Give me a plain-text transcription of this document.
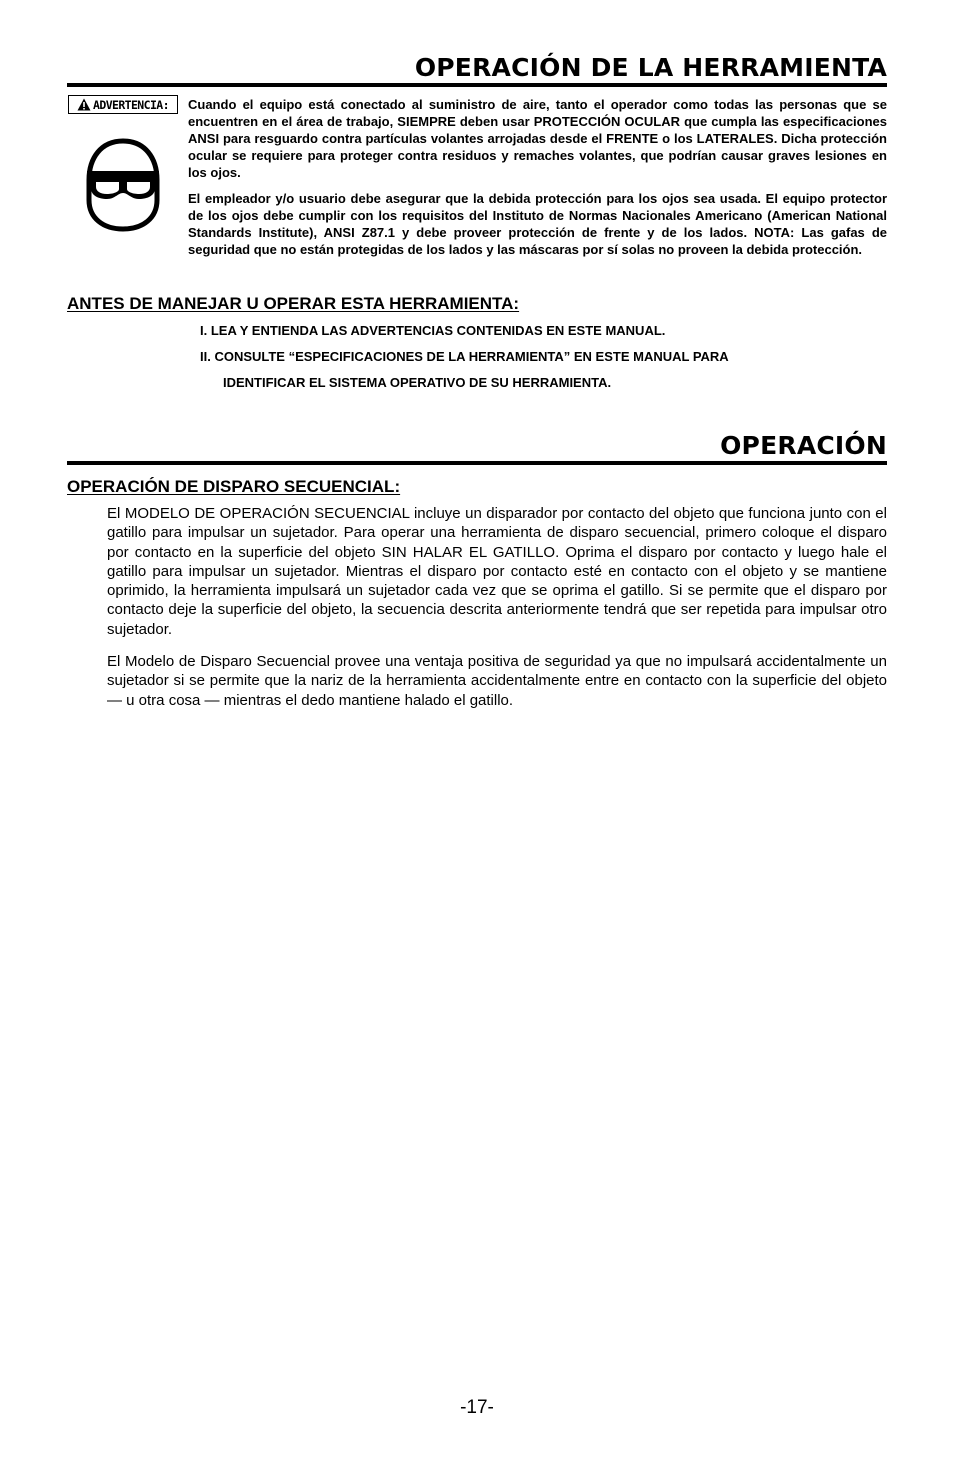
OPERACIÓN DE LA HERRAMIENTA
ADVERTENCIA: Cuando el equipo está conectado al suministro de aire, tanto el operador como todas las personas que se encuentren en el área de trabajo, SIEMPRE deben usar PROTECCIÓN OCULAR que cumpla las especificaciones ANSI para resguardo contra partículas volantes arrojadas desde el FRENTE o los LATERALES. Dicha protección ocular se requiere para proteger contra residuos y remaches volantes, que podrían causar graves lesiones en los ojos.
El empleador y/o usuario debe asegurar que la debida protección para los ojos sea usada. El equipo protector de los ojos debe cumplir con los requisitos del Instituto de Normas Nacionales Americano (American National Standards Institute), ANSI Z87.1 y debe proveer protección de frente y de los lados. NOTA: Las gafas de seguridad que no están protegidas de los lados y las máscaras por sí solas no proveen la debida protección.
ANTES DE MANEJAR U OPERAR ESTA HERRAMIENTA:
I. LEA Y ENTIENDA LAS ADVERTENCIAS CONTENIDAS EN ESTE MANUAL.
II. CONSULTE “ESPECIFICACIONES DE LA HERRAMIENTA” EN ESTE MANUAL PARA
IDENTIFICAR EL SISTEMA OPERATIVO DE SU HERRAMIENTA.
OPERACIÓN
OPERACIÓN DE DISPARO SECUENCIAL:
El MODELO DE OPERACIÓN SECUENCIAL incluye un disparador por contacto del objeto que funciona junto con el gatillo para impulsar un sujetador. Para operar una herramienta de disparo secuencial, primero coloque el disparo por contacto en la superficie del objeto SIN HALAR EL GATILLO. Oprima el disparo por contacto y luego hale el gatillo para impulsar un sujetador. Mientras el disparo por contacto esté en contacto con el objeto y se mantiene oprimido, la herramienta impulsará un sujetador cada vez que se oprima el gatillo. Si se permite que el disparo por contacto deje la superficie del objeto, la secuencia descrita anteriormente tendrá que ser repetida para impulsar otro sujetador.
El Modelo de Disparo Secuencial provee una ventaja positiva de seguridad ya que no impulsará accidentalmente un sujetador si se permite que la nariz de la herramienta accidentalmente entre en contacto con la superficie del objeto — u otra cosa — mientras el dedo mantiene halado el gatillo.
-17-
